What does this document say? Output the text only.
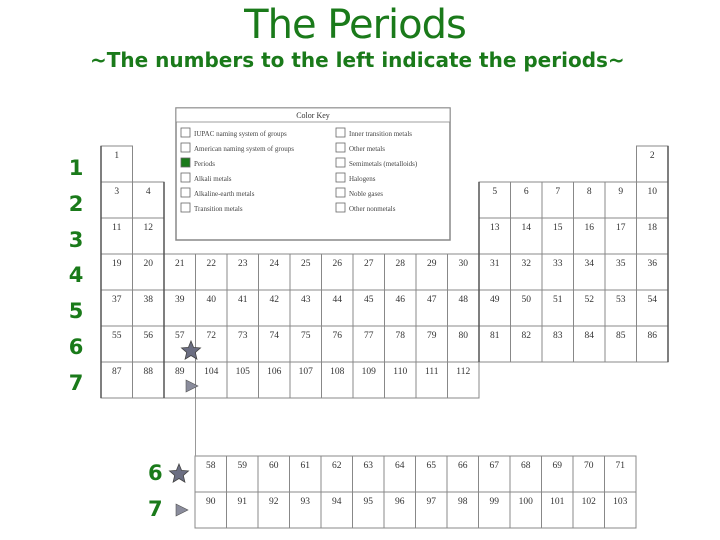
The Periods
~The numbers to the left indicate the periods~
1
2
3
4
5
6
7
6
7
1	2
3	4	5	6	7	8	9	10
11 12	13 14 15 16 17 18
19 20 21 22 23 24 25 26 27 28 29 30 31 32 33 34 35 36
37 38 39 40 41 42 43 44 45 46 47 48 49 50 51 52 53 54
55 56 57 72 73 74 75 76 77 78 79 80 81 82 83 84 85 86
87 88 89 104 105 106 107 108 109 110 111 112
58 59 60 61 62 63 64 65 66 67 68 69 70 71
90 91 92 93 94 95 96 97 98 99 100 101 102 103
Color Key
IUPAC naming system of groups
American naming system of groups
Periods
Alkali metals
Alkaline-earth metals
Transition metals
Inner transition metals
Other metals
Semimetals (metalloids)
Halogens
Noble gases
Other nonmetals
